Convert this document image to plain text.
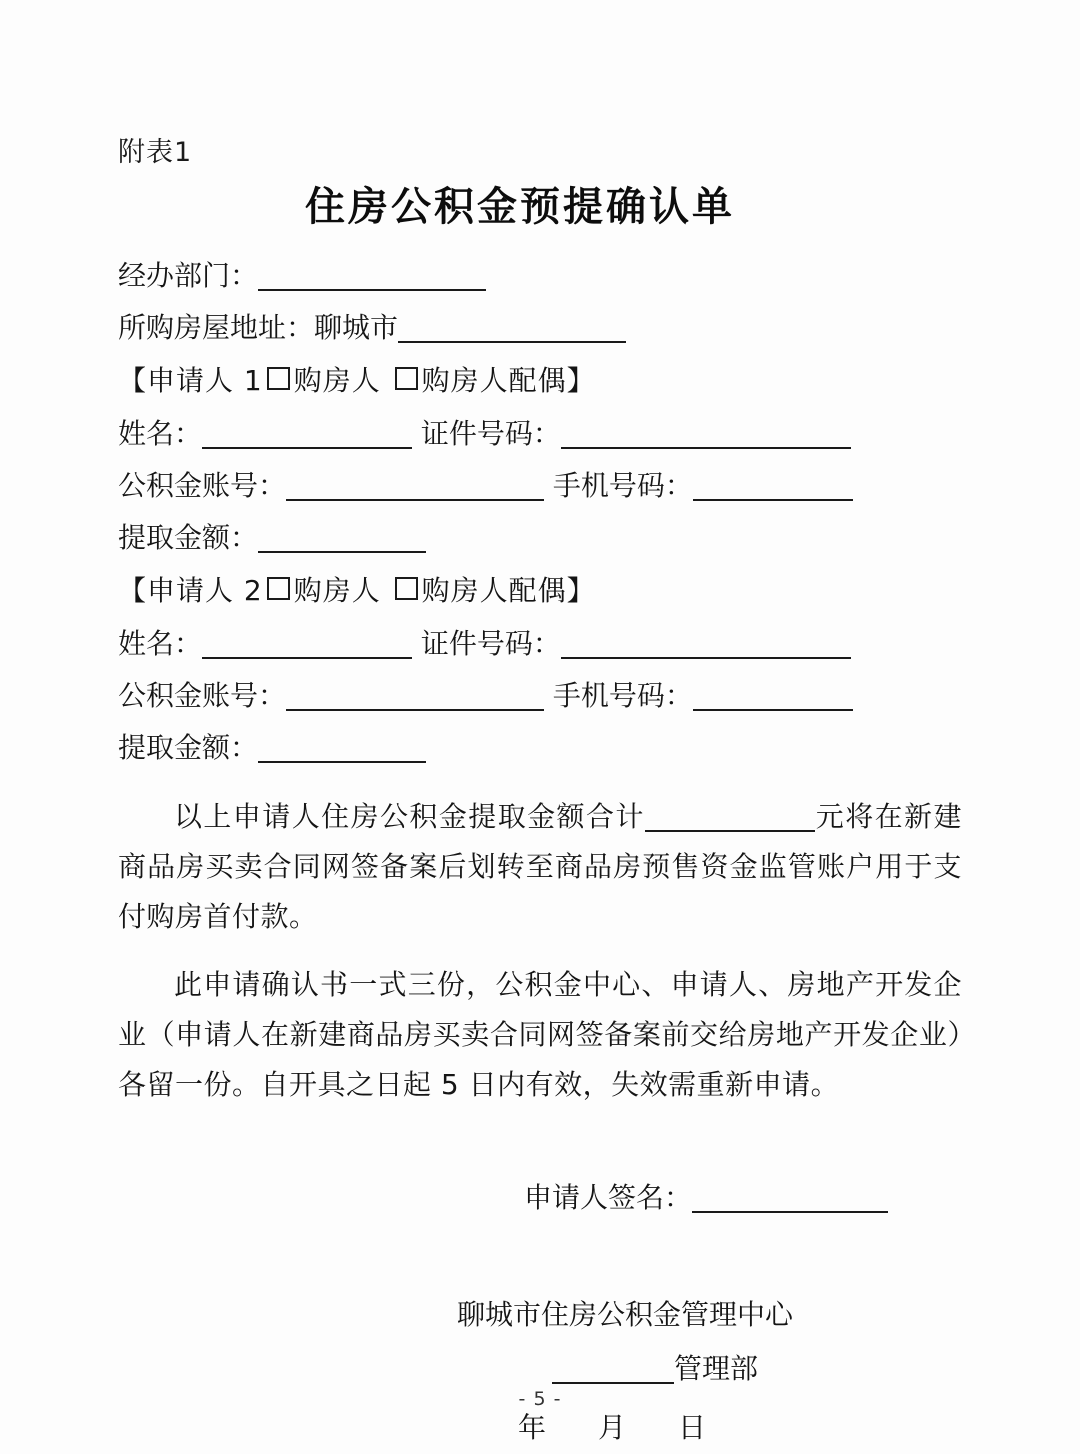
附表1
住房公积金预提确认单
经办部门：
所购房屋地址：聊城市
【申请人 1 购房人 购房人配偶】
姓名：	证件号码：
公积金账号：	手机号码：
提取金额：
【申请人 2 购房人 购房人配偶】
姓名：	证件号码：
公积金账号：	手机号码：
提取金额：
以上申请人住房公积金提取金额合计	元将在新建商品房买卖合同网签备案后划转至商品房预售资金监管账户用于支付购房首付款。
此申请确认书一式三份，公积金中心、申请人、房地产开发企业（申请人在新建商品房买卖合同网签备案前交给房地产开发企业）各留一份。自开具之日起 5 日内有效，失效需重新申请。
申请人签名：
聊城市住房公积金管理中心
管理部
年月日
- 5 -
